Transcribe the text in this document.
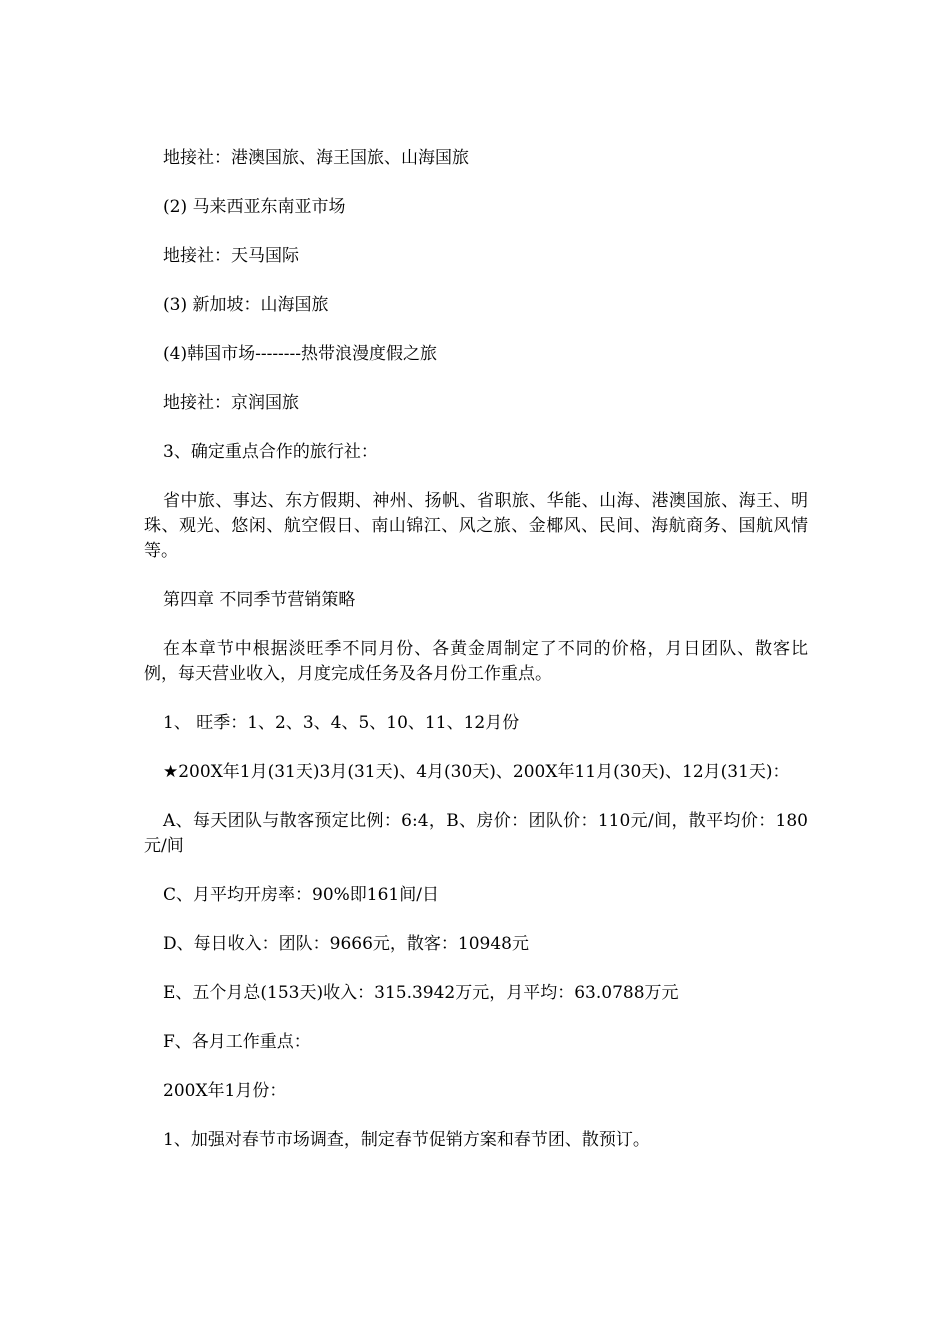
地接社：港澳国旅、海王国旅、山海国旅

(2) 马来西亚东南亚市场

地接社：天马国际

(3) 新加坡：山海国旅

(4)韩国市场--------热带浪漫度假之旅

地接社：京润国旅

3、确定重点合作的旅行社：

省中旅、事达、东方假期、神州、扬帆、省职旅、华能、山海、港澳国旅、海王、明珠、观光、悠闲、航空假日、南山锦江、风之旅、金椰风、民间、海航商务、国航风情等。

第四章 不同季节营销策略

在本章节中根据淡旺季不同月份、各黄金周制定了不同的价格，月日团队、散客比例，每天营业收入，月度完成任务及各月份工作重点。

1、 旺季：1、2、3、4、5、10、11、12月份

★200X年1月(31天)3月(31天)、4月(30天)、200X年11月(30天)、12月(31天)：

A、每天团队与散客预定比例：6:4，B、房价：团队价：110元/间，散平均价：180元/间

C、月平均开房率：90%即161间/日

D、每日收入：团队：9666元，散客：10948元

E、五个月总(153天)收入：315.3942万元，月平均：63.0788万元

F、各月工作重点：

200X年1月份：

1、加强对春节市场调查，制定春节促销方案和春节团、散预订。
